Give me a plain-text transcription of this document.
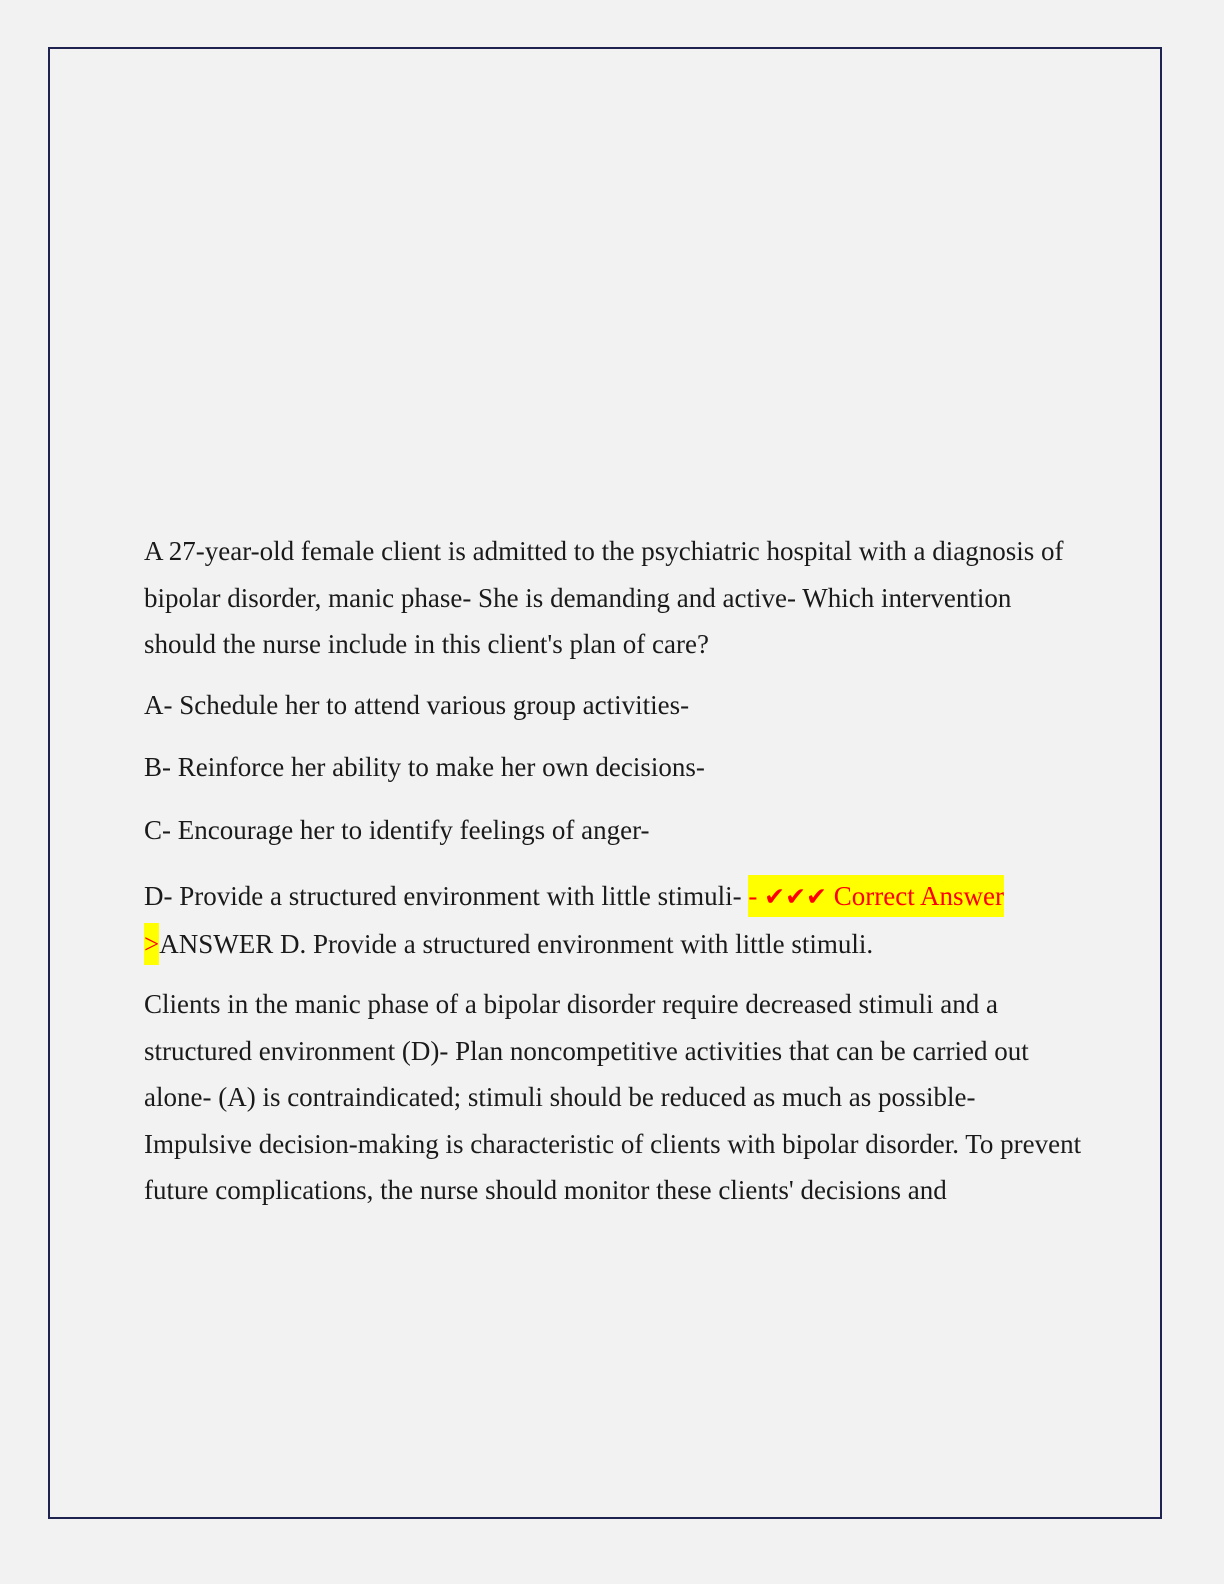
A 27-year-old female client is admitted to the psychiatric hospital with a diagnosis of bipolar disorder, manic phase- She is demanding and active- Which intervention should the nurse include in this client's plan of care?

A- Schedule her to attend various group activities-

B- Reinforce her ability to make her own decisions-

C- Encourage her to identify feelings of anger-

D- Provide a structured environment with little stimuli- - ✔✔✔ Correct Answer >ANSWER D. Provide a structured environment with little stimuli.

Clients in the manic phase of a bipolar disorder require decreased stimuli and a structured environment (D)- Plan noncompetitive activities that can be carried out alone- (A) is contraindicated; stimuli should be reduced as much as possible- Impulsive decision-making is characteristic of clients with bipolar disorder. To prevent future complications, the nurse should monitor these clients' decisions and
